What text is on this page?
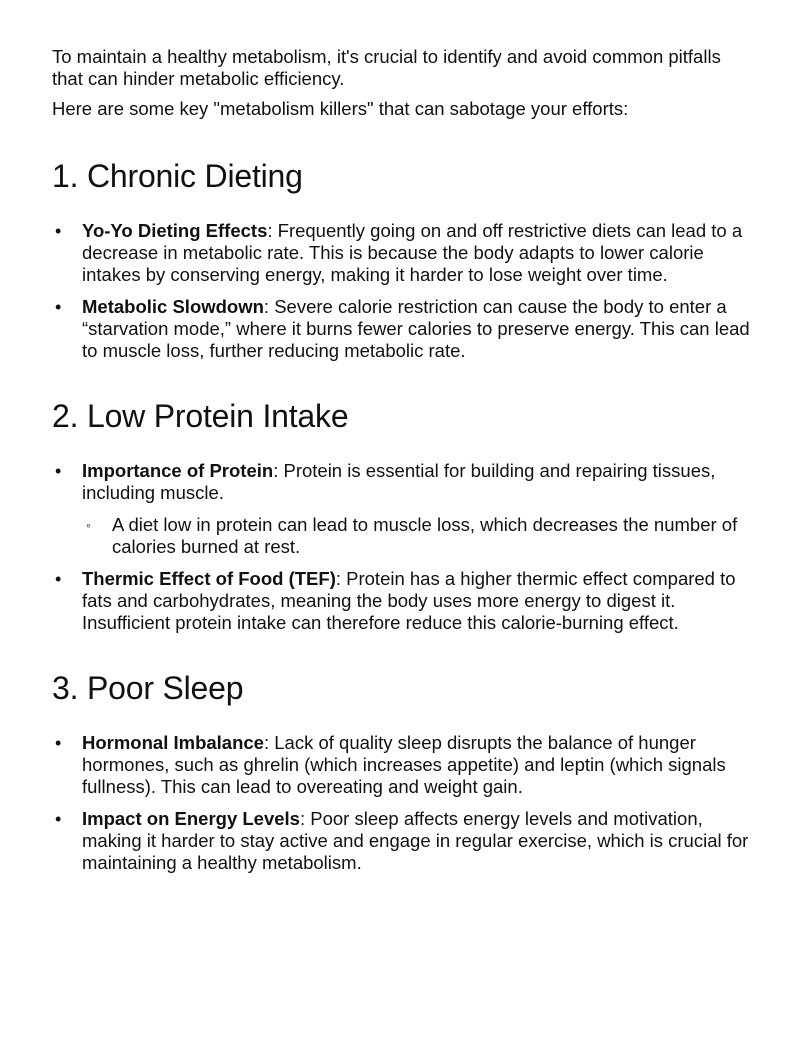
To maintain a healthy metabolism, it's crucial to identify and avoid common pitfalls that can hinder metabolic efficiency.

Here are some key "metabolism killers" that can sabotage your efforts:

1. Chronic Dieting
• Yo-Yo Dieting Effects: Frequently going on and off restrictive diets can lead to a decrease in metabolic rate. This is because the body adapts to lower calorie intakes by conserving energy, making it harder to lose weight over time.
• Metabolic Slowdown: Severe calorie restriction can cause the body to enter a “starvation mode,” where it burns fewer calories to preserve energy. This can lead to muscle loss, further reducing metabolic rate.
2. Low Protein Intake
• Importance of Protein: Protein is essential for building and repairing tissues, including muscle.
◦ A diet low in protein can lead to muscle loss, which decreases the number of calories burned at rest.
• Thermic Effect of Food (TEF): Protein has a higher thermic effect compared to fats and carbohydrates, meaning the body uses more energy to digest it. Insufficient protein intake can therefore reduce this calorie-burning effect.
3. Poor Sleep
• Hormonal Imbalance: Lack of quality sleep disrupts the balance of hunger hormones, such as ghrelin (which increases appetite) and leptin (which signals fullness). This can lead to overeating and weight gain.
• Impact on Energy Levels: Poor sleep affects energy levels and motivation, making it harder to stay active and engage in regular exercise, which is crucial for maintaining a healthy metabolism.
